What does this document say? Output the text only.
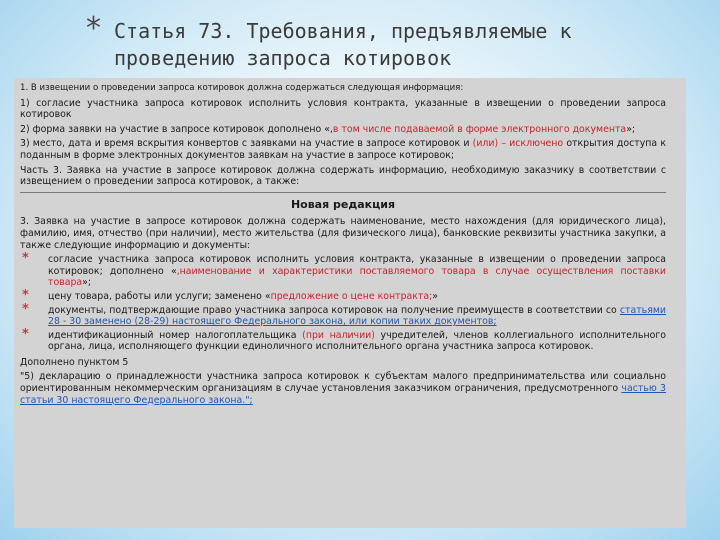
* Статья 73. Требования, предъявляемые к проведению запроса котировок

1. В извещении о проведении запроса котировок должна содержаться следующая информация:

1) согласие участника запроса котировок исполнить условия контракта, указанные в извещении о проведении запроса котировок

2) форма заявки на участие в запросе котировок дополнено «,в том числе подаваемой в форме электронного документа»;

3) место, дата и время вскрытия конвертов с заявками на участие в запросе котировок и (или) – исключено открытия доступа к поданным в форме электронных документов заявкам на участие в запросе котировок;

Часть 3. Заявка на участие в запросе котировок должна содержать информацию, необходимую заказчику в соответствии с извещением о проведении запроса котировок, а также:

Новая редакция

3. Заявка на участие в запросе котировок должна содержать наименование, место нахождения (для юридического лица), фамилию, имя, отчество (при наличии), место жительства (для физического лица), банковские реквизиты участника закупки, а также следующие информацию и документы:

* согласие участника запроса котировок исполнить условия контракта, указанные в извещении о проведении запроса котировок; дополнено «,наименование и характеристики поставляемого товара в случае осуществления поставки товара»;
* цену товара, работы или услуги; заменено «предложение о цене контракта;»
* документы, подтверждающие право участника запроса котировок на получение преимуществ в соответствии со статьями 28 - 30 заменено (28-29) настоящего Федерального закона, или копии таких документов;
* идентификационный номер налогоплательщика (при наличии) учредителей, членов коллегиального исполнительного органа, лица, исполняющего функции единоличного исполнительного органа участника запроса котировок.

Дополнено пунктом 5

"5) декларацию о принадлежности участника запроса котировок к субъектам малого предпринимательства или социально ориентированным некоммерческим организациям в случае установления заказчиком ограничения, предусмотренного частью 3 статьи 30 настоящего Федерального закона.";
